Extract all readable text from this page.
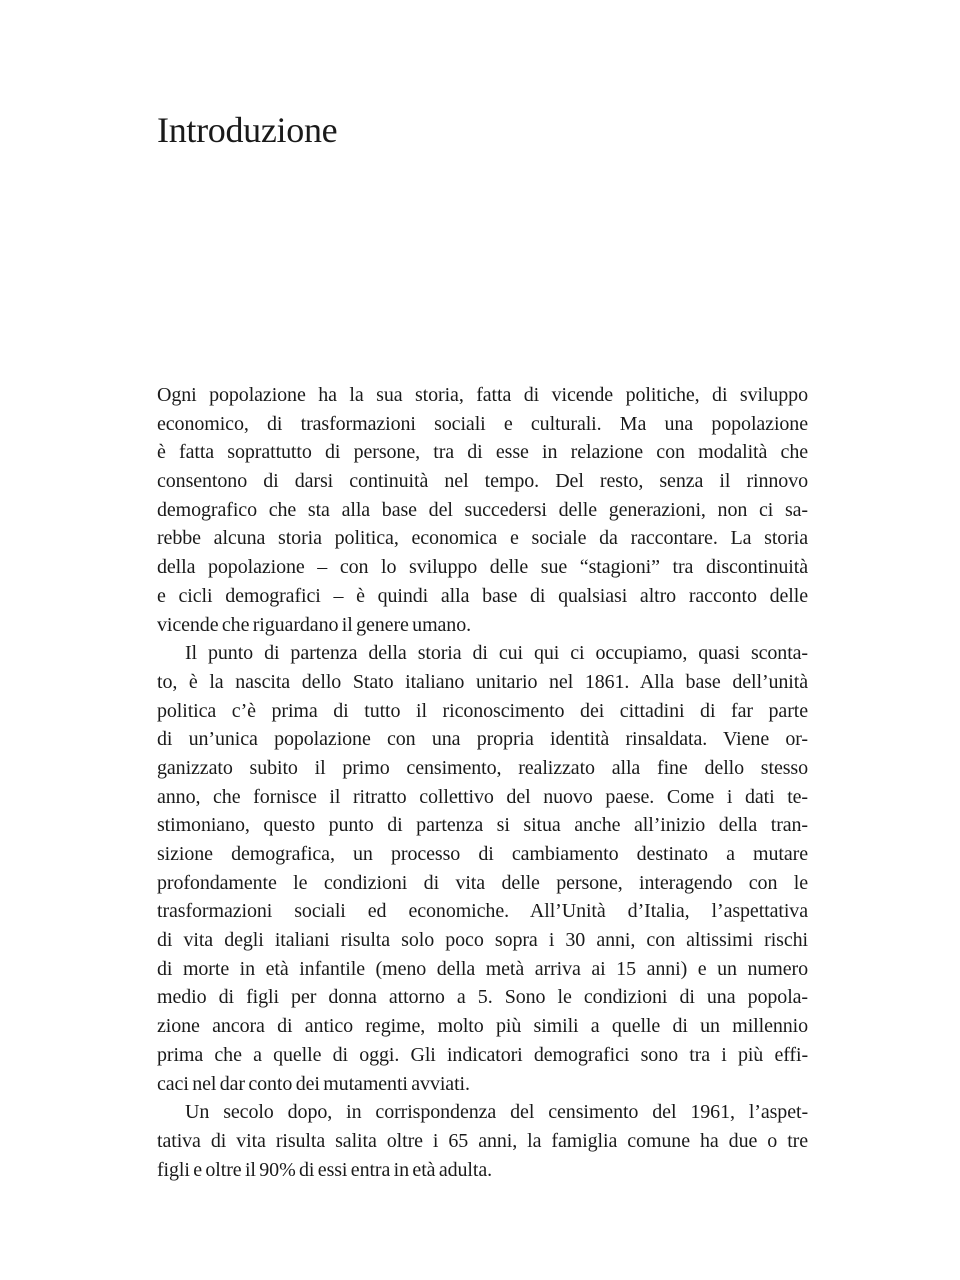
Introduzione
Ogni popolazione ha la sua storia, fatta di vicende politiche, di sviluppo
economico, di trasformazioni sociali e culturali. Ma una popolazione
è fatta soprattutto di persone, tra di esse in relazione con modalità che
consentono di darsi continuità nel tempo. Del resto, senza il rinnovo
demografico che sta alla base del succedersi delle generazioni, non ci sa-
rebbe alcuna storia politica, economica e sociale da raccontare. La storia
della popolazione – con lo sviluppo delle sue “stagioni” tra discontinuità
e cicli demografici – è quindi alla base di qualsiasi altro racconto delle
vicende che riguardano il genere umano.
Il punto di partenza della storia di cui qui ci occupiamo, quasi sconta-
to, è la nascita dello Stato italiano unitario nel 1861. Alla base dell’unità
politica c’è prima di tutto il riconoscimento dei cittadini di far parte
di un’unica popolazione con una propria identità rinsaldata. Viene or-
ganizzato subito il primo censimento, realizzato alla fine dello stesso
anno, che fornisce il ritratto collettivo del nuovo paese. Come i dati te-
stimoniano, questo punto di partenza si situa anche all’inizio della tran-
sizione demografica, un processo di cambiamento destinato a mutare
profondamente le condizioni di vita delle persone, interagendo con le
trasformazioni sociali ed economiche. All’Unità d’Italia, l’aspettativa
di vita degli italiani risulta solo poco sopra i 30 anni, con altissimi rischi
di morte in età infantile (meno della metà arriva ai 15 anni) e un numero
medio di figli per donna attorno a 5. Sono le condizioni di una popola-
zione ancora di antico regime, molto più simili a quelle di un millennio
prima che a quelle di oggi. Gli indicatori demografici sono tra i più effi-
caci nel dar conto dei mutamenti avviati.
Un secolo dopo, in corrispondenza del censimento del 1961, l’aspet-
tativa di vita risulta salita oltre i 65 anni, la famiglia comune ha due o tre
figli e oltre il 90% di essi entra in età adulta.
